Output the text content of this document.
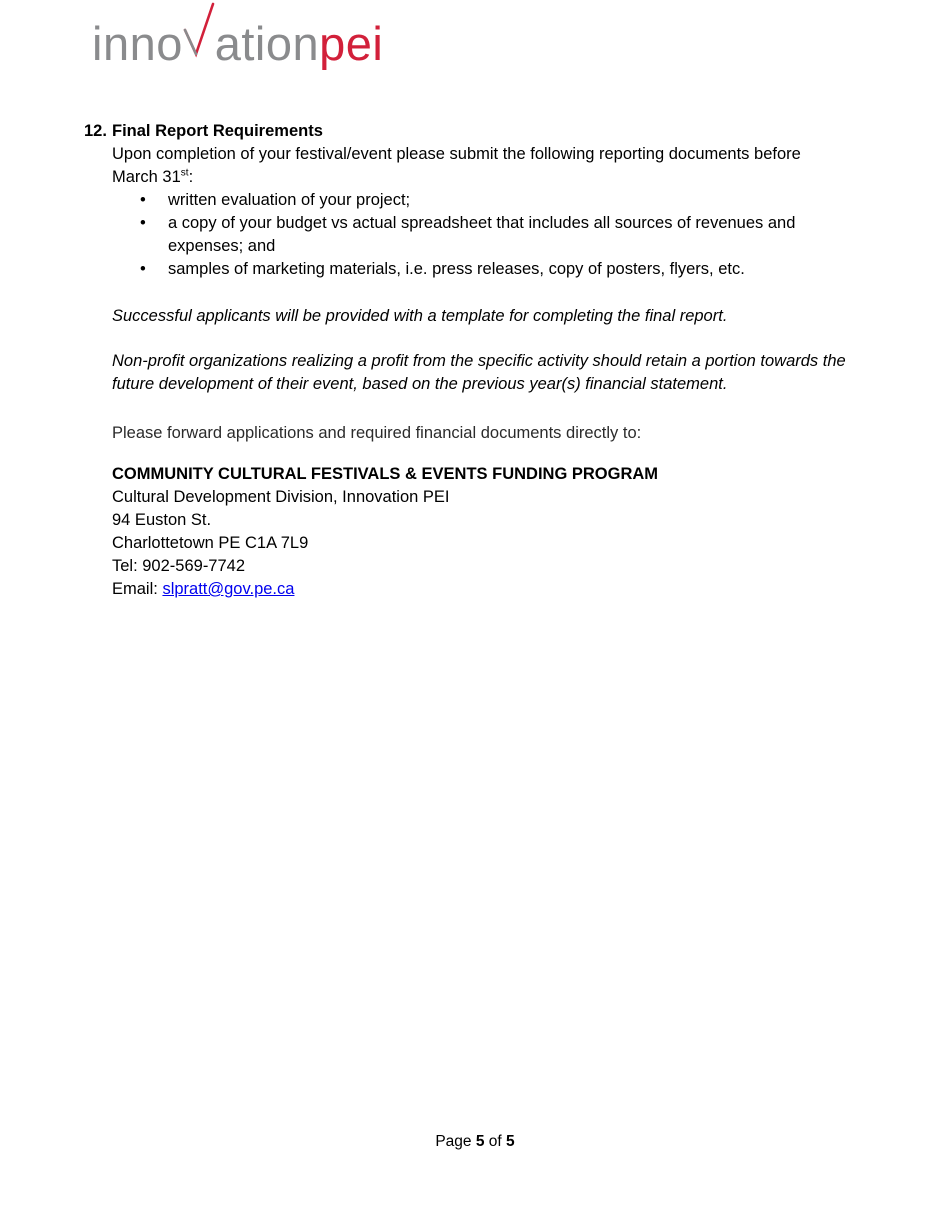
inno ationpei
12. Final Report Requirements
Upon completion of your festival/event please submit the following reporting documents before
March 31st:
• written evaluation of your project;
• a copy of your budget vs actual spreadsheet that includes all sources of revenues and expenses; and
• samples of marketing materials, i.e. press releases, copy of posters, flyers, etc.
Successful applicants will be provided with a template for completing the final report.
Non-profit organizations realizing a profit from the specific activity should retain a portion towards the future development of their event, based on the previous year(s) financial statement.
Please forward applications and required financial documents directly to:
COMMUNITY CULTURAL FESTIVALS & EVENTS FUNDING PROGRAM
Cultural Development Division, Innovation PEI
94 Euston St.
Charlottetown PE C1A 7L9
Tel: 902-569-7742
Email: slpratt@gov.pe.ca
Page 5 of 5
